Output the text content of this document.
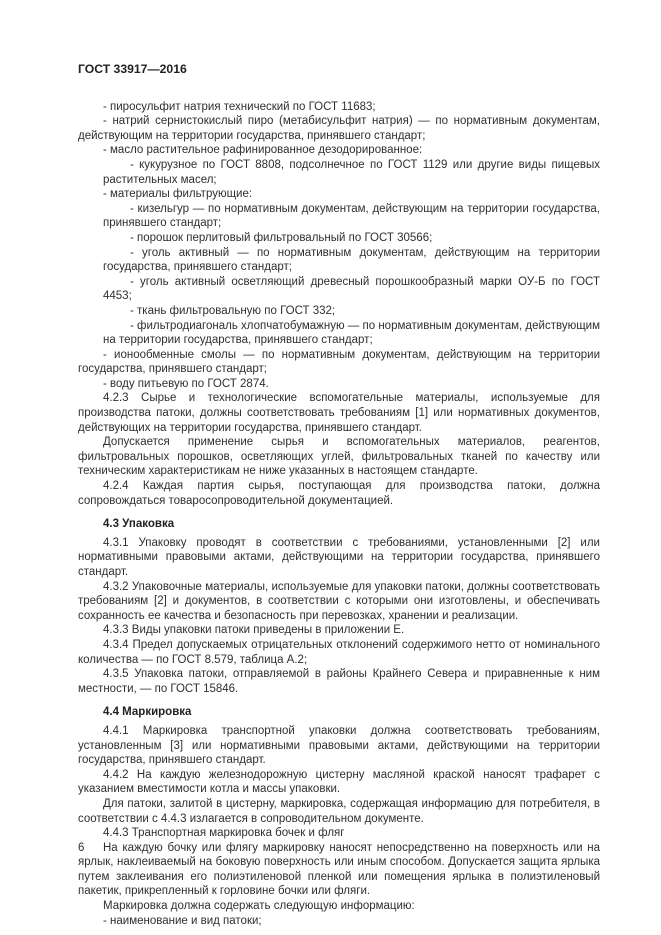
ГОСТ 33917—2016

- пиросульфит натрия технический по ГОСТ 11683;

- натрий сернистокислый пиро (метабисульфит натрия) — по нормативным документам, действующим на территории государства, принявшего стандарт;

- масло растительное рафинированное дезодорированное:

- кукурузное по ГОСТ 8808, подсолнечное по ГОСТ 1129 или другие виды пищевых растительных масел;

- материалы фильтрующие:

- кизельгур — по нормативным документам, действующим на территории государства, принявшего стандарт;

- порошок перлитовый фильтровальный по ГОСТ 30566;

- уголь активный — по нормативным документам, действующим на территории государства, принявшего стандарт;

- уголь активный осветляющий древесный порошкообразный марки ОУ-Б по ГОСТ 4453;

- ткань фильтровальную по ГОСТ 332;

- фильтродиагональ хлопчатобумажную — по нормативным документам, действующим на территории государства, принявшего стандарт;

- ионообменные смолы — по нормативным документам, действующим на территории государства, принявшего стандарт;

- воду питьевую по ГОСТ 2874.

4.2.3 Сырье и технологические вспомогательные материалы, используемые для производства патоки, должны соответствовать требованиям [1] или нормативных документов, действующих на территории государства, принявшего стандарт.

Допускается применение сырья и вспомогательных материалов, реагентов, фильтровальных порошков, осветляющих углей, фильтровальных тканей по качеству или техническим характеристикам не ниже указанных в настоящем стандарте.

4.2.4 Каждая партия сырья, поступающая для производства патоки, должна сопровождаться товаросопроводительной документацией.

4.3 Упаковка

4.3.1 Упаковку проводят в соответствии с требованиями, установленными [2] или нормативными правовыми актами, действующими на территории государства, принявшего стандарт.

4.3.2 Упаковочные материалы, используемые для упаковки патоки, должны соответствовать требованиям [2] и документов, в соответствии с которыми они изготовлены, и обеспечивать сохранность ее качества и безопасность при перевозках, хранении и реализации.

4.3.3 Виды упаковки патоки приведены в приложении Е.

4.3.4 Предел допускаемых отрицательных отклонений содержимого нетто от номинального количества — по ГОСТ 8.579, таблица А.2;

4.3.5 Упаковка патоки, отправляемой в районы Крайнего Севера и приравненные к ним местности, — по ГОСТ 15846.

4.4 Маркировка

4.4.1 Маркировка транспортной упаковки должна соответствовать требованиям, установленным [3] или нормативными правовыми актами, действующими на территории государства, принявшего стандарт.

4.4.2 На каждую железнодорожную цистерну масляной краской наносят трафарет с указанием вместимости котла и массы упаковки.

Для патоки, залитой в цистерну, маркировка, содержащая информацию для потребителя, в соответствии с 4.4.3 излагается в сопроводительном документе.

4.4.3 Транспортная маркировка бочек и фляг

На каждую бочку или флягу маркировку наносят непосредственно на поверхность или на ярлык, наклеиваемый на боковую поверхность или иным способом. Допускается защита ярлыка путем заклеивания его полиэтиленовой пленкой или помещения ярлыка в полиэтиленовый пакетик, прикрепленный к горловине бочки или фляги.

Маркировка должна содержать следующую информацию:

- наименование и вид патоки;

6
